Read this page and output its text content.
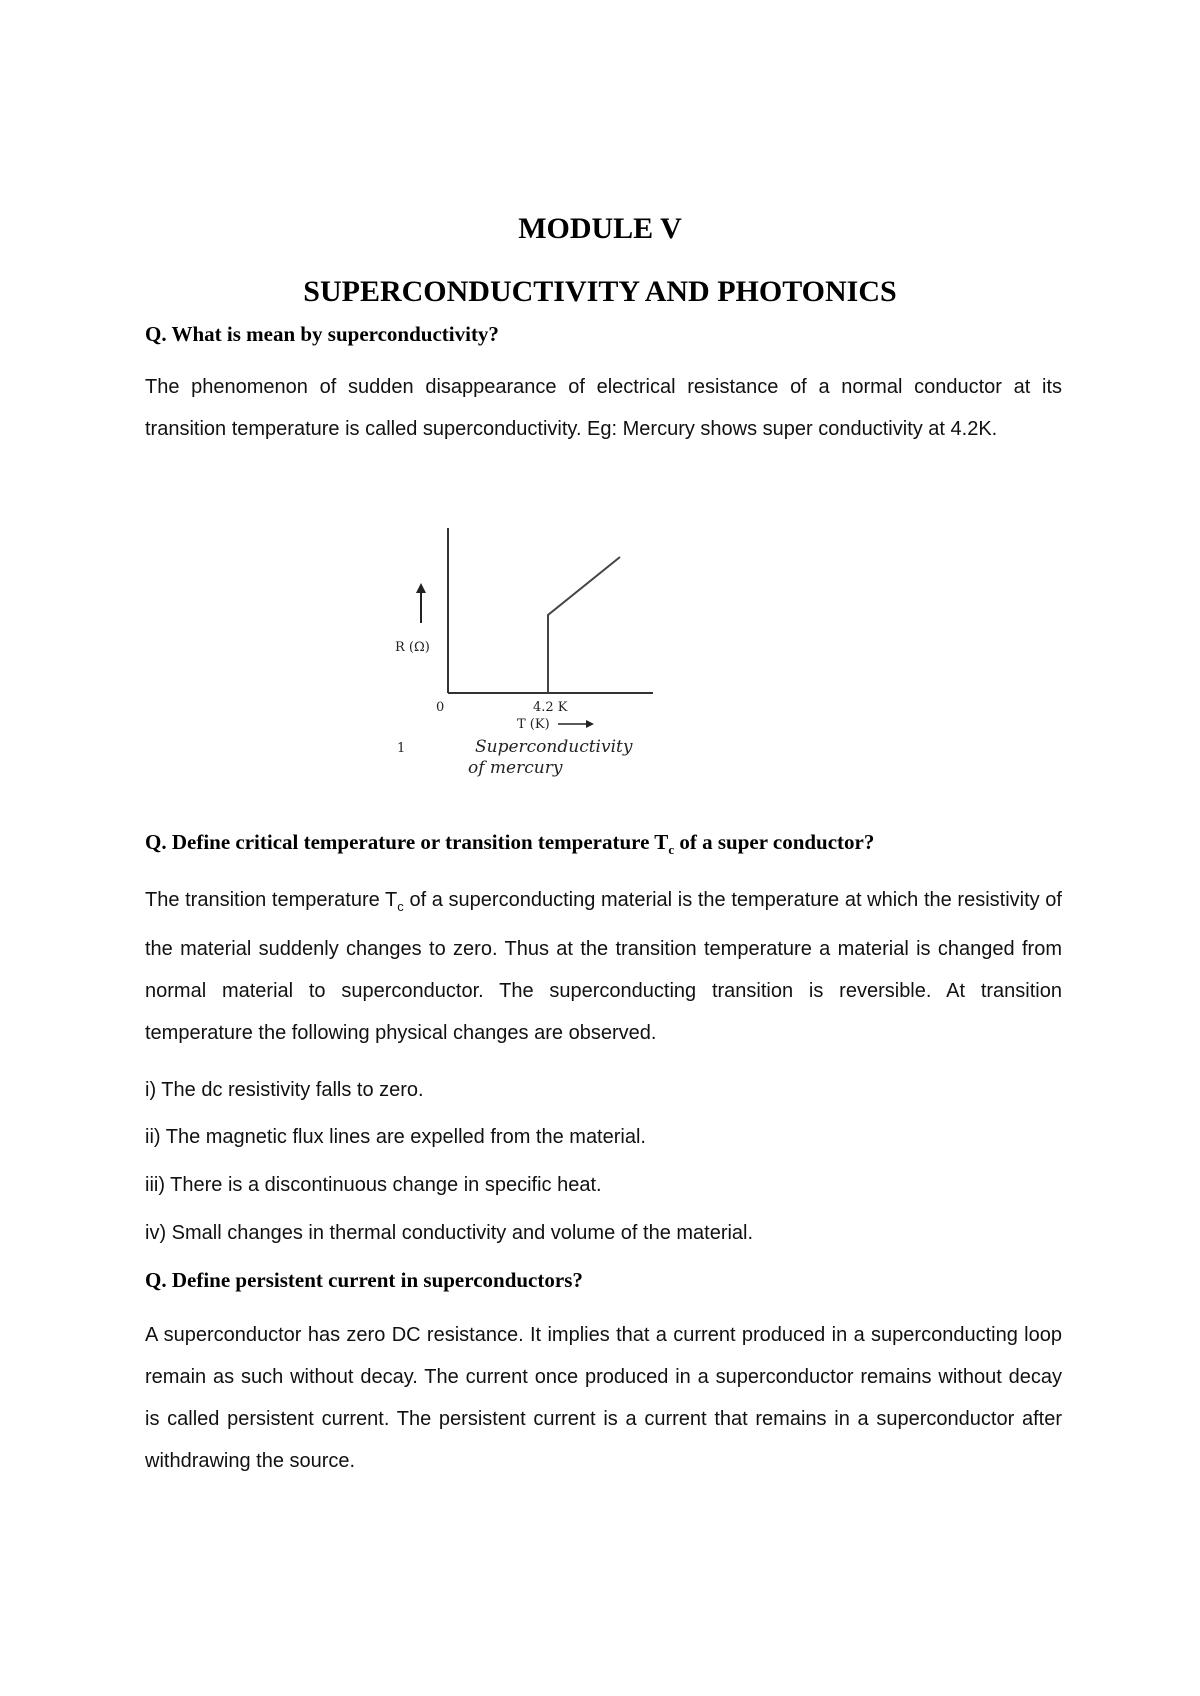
MODULE V
SUPERCONDUCTIVITY AND PHOTONICS
Q. What is mean by superconductivity?

The phenomenon of sudden disappearance of electrical resistance of a normal conductor at its transition temperature is called superconductivity. Eg: Mercury shows super conductivity at 4.2K.

R (Ω)
0	4.2 K
T (K)
1	Superconductivity
of mercury
Q. Define critical temperature or transition temperature $T_c$ of a super conductor?

The transition temperature $T_c$ of a superconducting material is the temperature at which the resistivity of the material suddenly changes to zero. Thus at the transition temperature a material is changed from normal material to superconductor. The superconducting transition is reversible. At transition temperature the following physical changes are observed.

i) The dc resistivity falls to zero.
ii) The magnetic flux lines are expelled from the material.
iii) There is a discontinuous change in specific heat.
iv) Small changes in thermal conductivity and volume of the material.
Q. Define persistent current in superconductors?

A superconductor has zero DC resistance. It implies that a current produced in a superconducting loop remain as such without decay. The current once produced in a superconductor remains without decay is called persistent current. The persistent current is a current that remains in a superconductor after withdrawing the source.
